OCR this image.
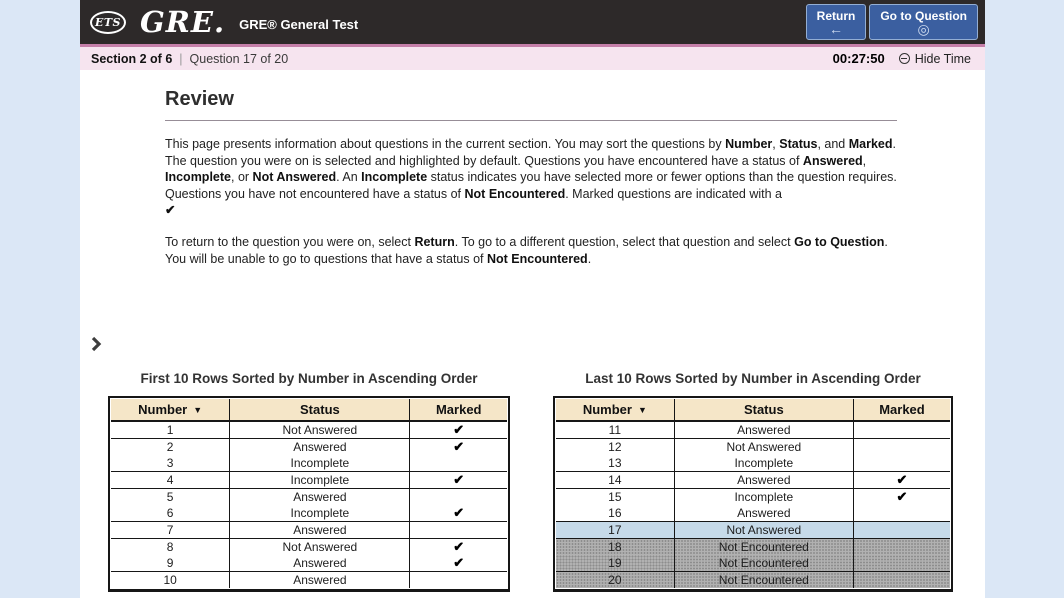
ETS GRE. GRE® General Test
Return
←
Go to Question
◎
Section 2 of 6 | Question 17 of 20	00:27:50 Hide Time
Review
This page presents information about questions in the current section. You may sort the questions by Number, Status, and Marked. The question you were on is selected and highlighted by default. Questions you have encountered have a status of Answered, Incomplete, or Not Answered. An Incomplete status indicates you have selected more or fewer options than the question requires. Questions you have not encountered have a status of Not Encountered. Marked questions are indicated with a
✔
To return to the question you were on, select Return. To go to a different question, select that question and select Go to Question. You will be unable to go to questions that have a status of Not Encountered.
First 10 Rows Sorted by Number in Ascending Order	Last 10 Rows Sorted by Number in Ascending Order
Number ▼	Status	Marked
1	Not Answered	✔
2	Answered	✔
3	Incomplete	
4	Incomplete	✔
5	Answered	
6	Incomplete	✔
7	Answered	
8	Not Answered	✔
9	Answered	✔
10	Answered	
Number ▼	Status	Marked
11	Answered	
12	Not Answered	
13	Incomplete	
14	Answered	✔
15	Incomplete	✔
16	Answered	
17	Not Answered	
18	Not Encountered	
19	Not Encountered	
20	Not Encountered	
